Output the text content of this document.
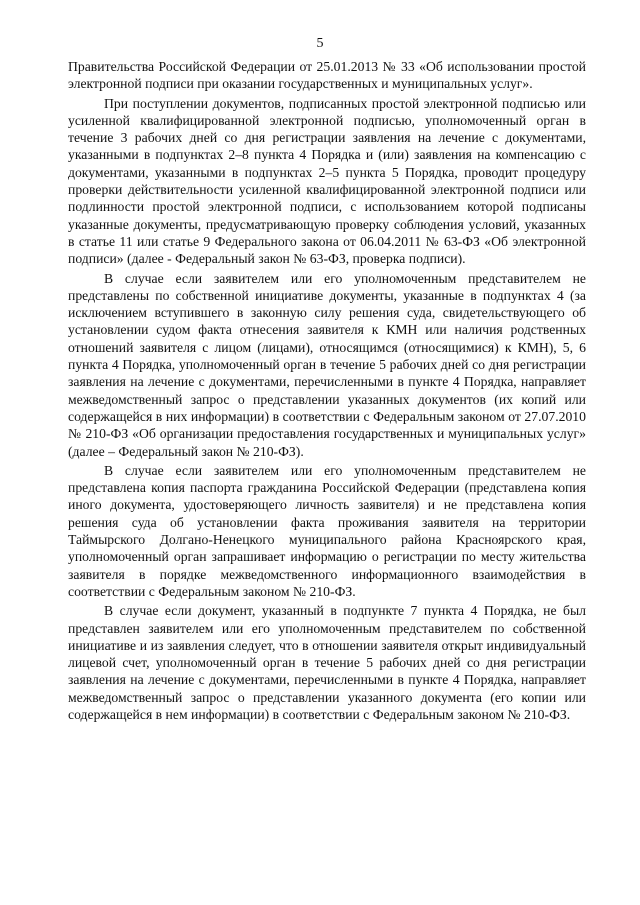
5

Правительства Российской Федерации от 25.01.2013 № 33 «Об использовании простой электронной подписи при оказании государственных и муниципальных услуг».

При поступлении документов, подписанных простой электронной подписью или усиленной квалифицированной электронной подписью, уполномоченный орган в течение 3 рабочих дней со дня регистрации заявления на лечение с документами, указанными в подпунктах 2–8 пункта 4 Порядка и (или) заявления на компенсацию с документами, указанными в подпунктах 2–5 пункта 5 Порядка, проводит процедуру проверки действительности усиленной квалифицированной электронной подписи или подлинности простой электронной подписи, с использованием которой подписаны указанные документы, предусматривающую проверку соблюдения условий, указанных в статье 11 или статье 9 Федерального закона от 06.04.2011 № 63-ФЗ «Об электронной подписи» (далее - Федеральный закон № 63-ФЗ, проверка подписи).

В случае если заявителем или его уполномоченным представителем не представлены по собственной инициативе документы, указанные в подпунктах 4 (за исключением вступившего в законную силу решения суда, свидетельствующего об установлении судом факта отнесения заявителя к КМН или наличия родственных отношений заявителя с лицом (лицами), относящимся (относящимися) к КМН), 5, 6 пункта 4 Порядка, уполномоченный орган в течение 5 рабочих дней со дня регистрации заявления на лечение с документами, перечисленными в пункте 4 Порядка, направляет межведомственный запрос о представлении указанных документов (их копий или содержащейся в них информации) в соответствии с Федеральным законом от 27.07.2010 № 210-ФЗ «Об организации предоставления государственных и муниципальных услуг» (далее – Федеральный закон № 210-ФЗ).

В случае если заявителем или его уполномоченным представителем не представлена копия паспорта гражданина Российской Федерации (представлена копия иного документа, удостоверяющего личность заявителя) и не представлена копия решения суда об установлении факта проживания заявителя на территории Таймырского Долгано-Ненецкого муниципального района Красноярского края, уполномоченный орган запрашивает информацию о регистрации по месту жительства заявителя в порядке межведомственного информационного взаимодействия в соответствии с Федеральным законом № 210-ФЗ.

В случае если документ, указанный в подпункте 7 пункта 4 Порядка, не был представлен заявителем или его уполномоченным представителем по собственной инициативе и из заявления следует, что в отношении заявителя открыт индивидуальный лицевой счет, уполномоченный орган в течение 5 рабочих дней со дня регистрации заявления на лечение с документами, перечисленными в пункте 4 Порядка, направляет межведомственный запрос о представлении указанного документа (его копии или содержащейся в нем информации) в соответствии с Федеральным законом № 210-ФЗ.
